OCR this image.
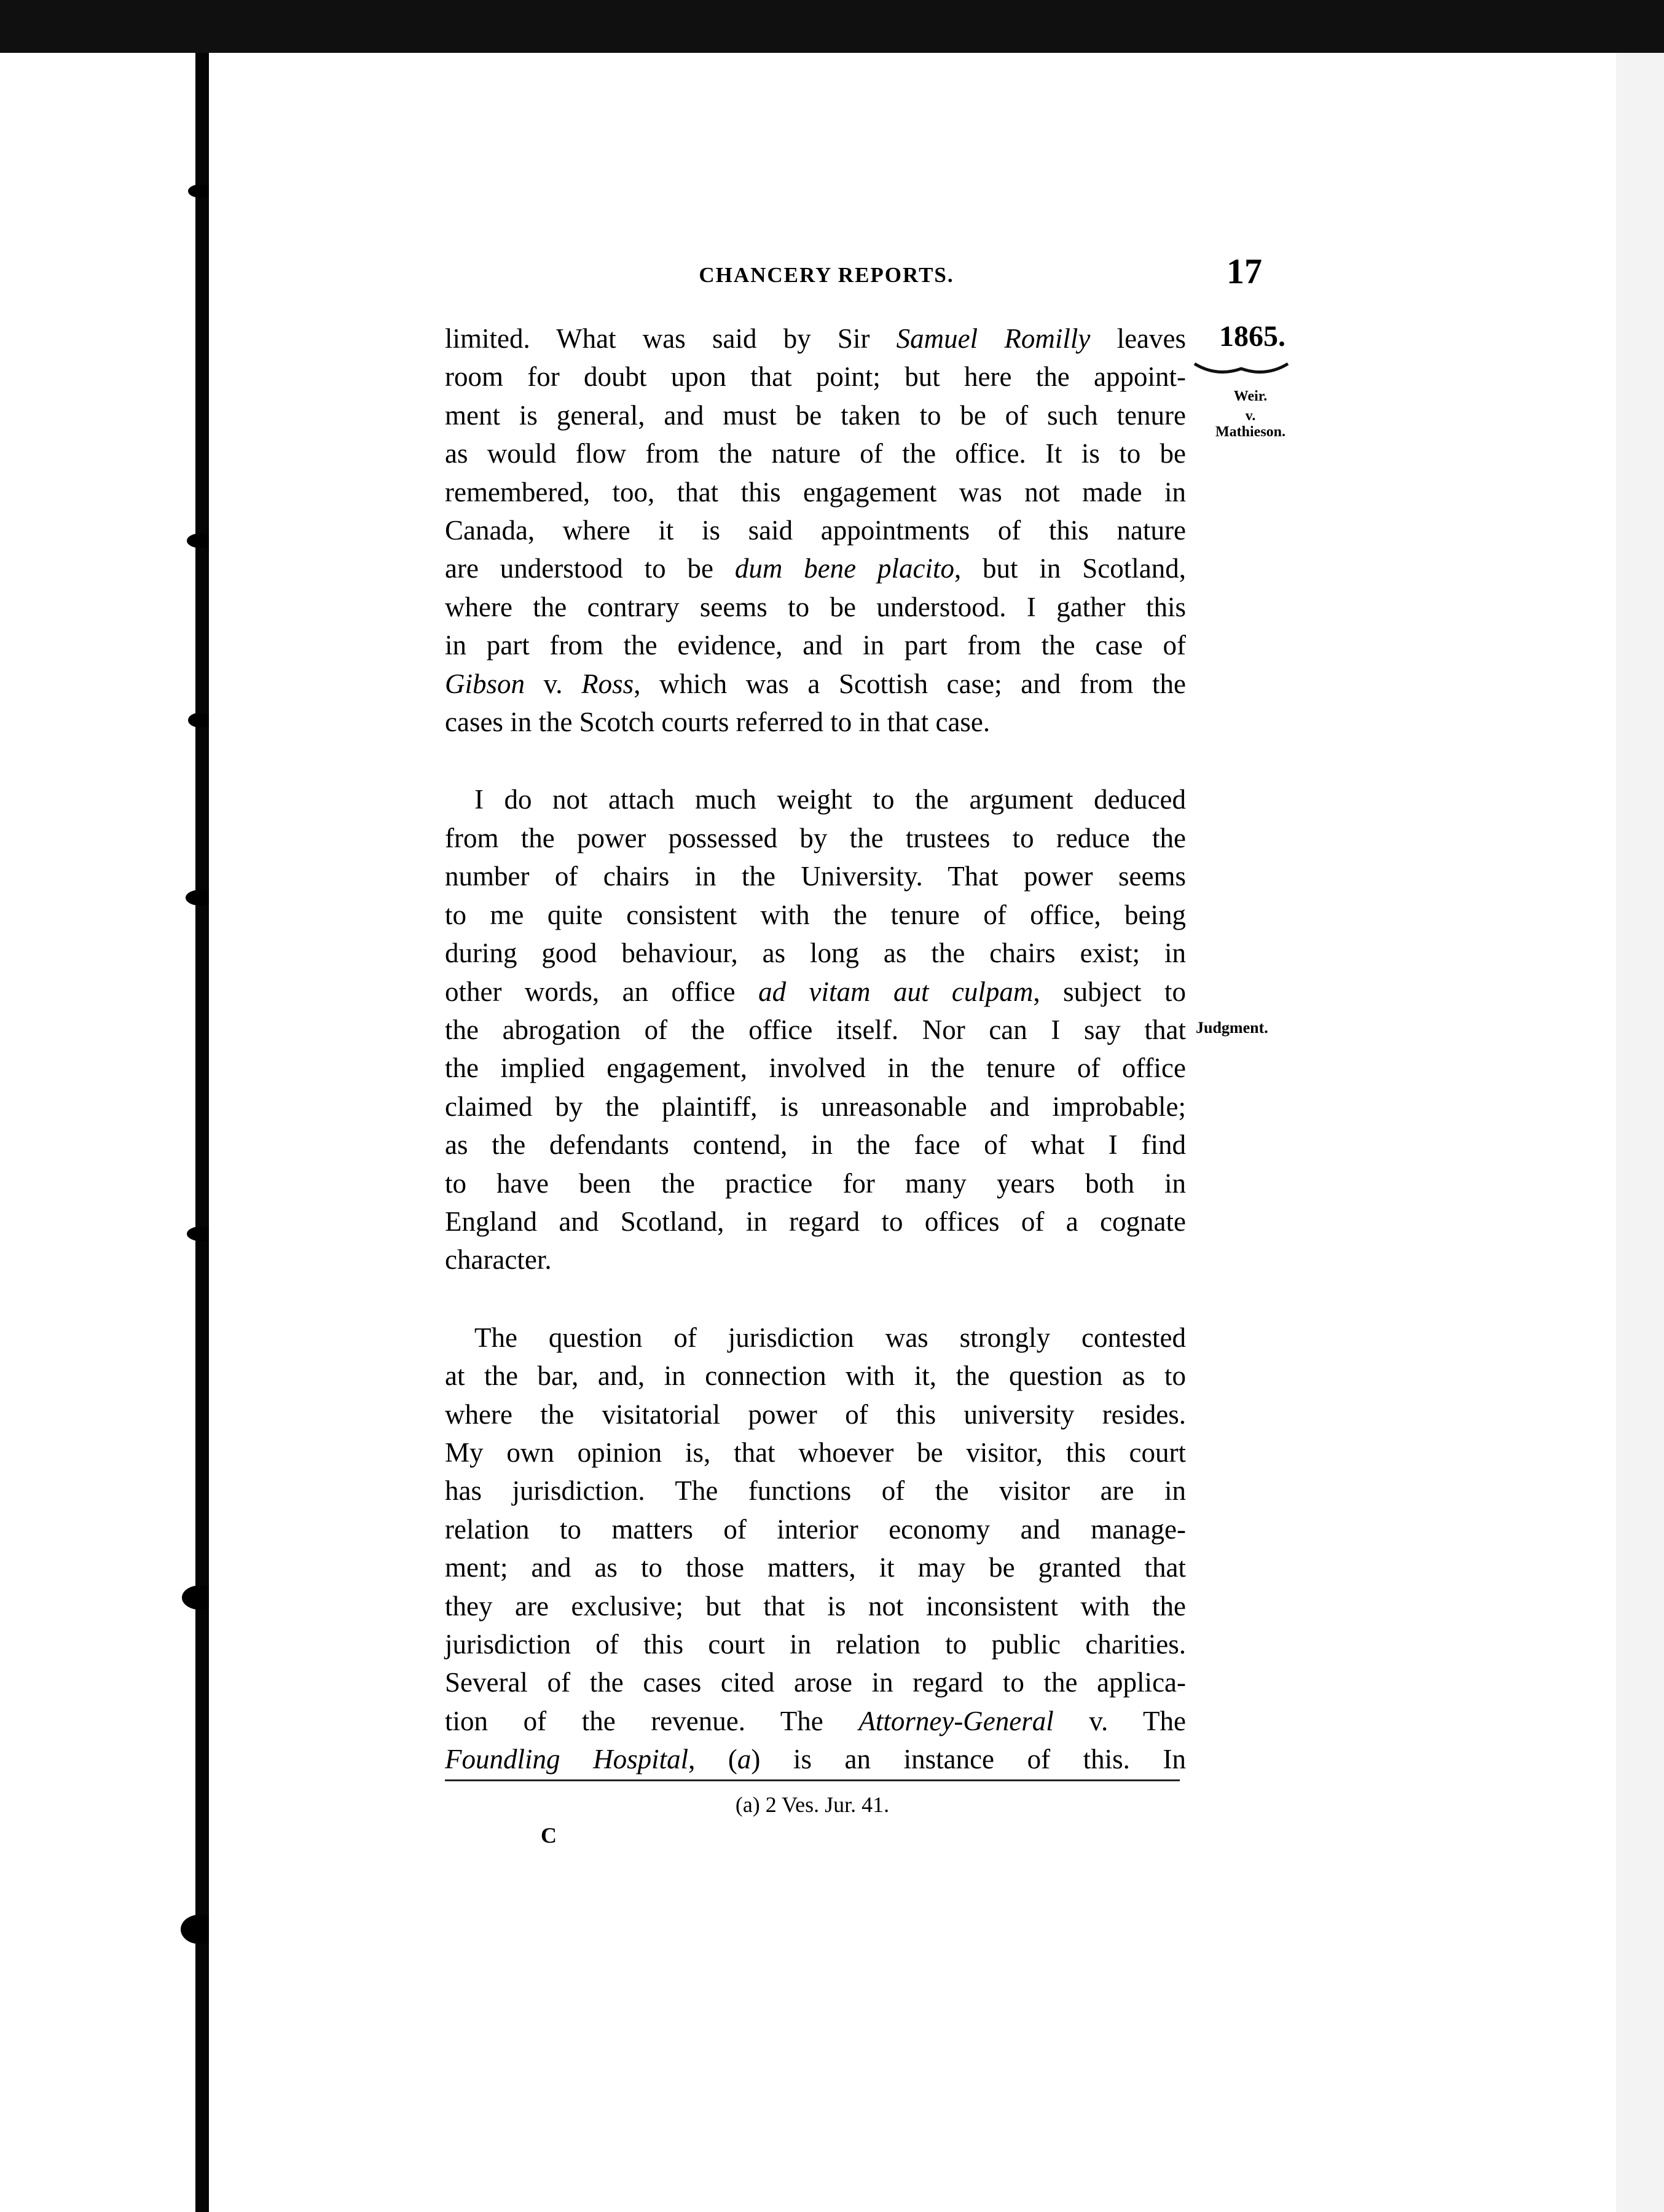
CHANCERY REPORTS.	17
1865.
Weir.
v.
Mathieson.
Judgment.
limited. What was said by Sir Samuel Romilly leaves
room for doubt upon that point; but here the appoint-
ment is general, and must be taken to be of such tenure
as would flow from the nature of the office. It is to be
remembered, too, that this engagement was not made in
Canada, where it is said appointments of this nature
are understood to be dum bene placito, but in Scotland,
where the contrary seems to be understood. I gather this
in part from the evidence, and in part from the case of
Gibson v. Ross, which was a Scottish case; and from the
cases in the Scotch courts referred to in that case.
I do not attach much weight to the argument deduced
from the power possessed by the trustees to reduce the
number of chairs in the University. That power seems
to me quite consistent with the tenure of office, being
during good behaviour, as long as the chairs exist; in
other words, an office ad vitam aut culpam, subject to
the abrogation of the office itself. Nor can I say that
the implied engagement, involved in the tenure of office
claimed by the plaintiff, is unreasonable and improbable;
as the defendants contend, in the face of what I find
to have been the practice for many years both in
England and Scotland, in regard to offices of a cognate
character.
The question of jurisdiction was strongly contested
at the bar, and, in connection with it, the question as to
where the visitatorial power of this university resides.
My own opinion is, that whoever be visitor, this court
has jurisdiction. The functions of the visitor are in
relation to matters of interior economy and manage-
ment; and as to those matters, it may be granted that
they are exclusive; but that is not inconsistent with the
jurisdiction of this court in relation to public charities.
Several of the cases cited arose in regard to the applica-
tion of the revenue. The Attorney-General v. The
Foundling Hospital, (a) is an instance of this. In
(a) 2 Ves. Jur. 41.
C
